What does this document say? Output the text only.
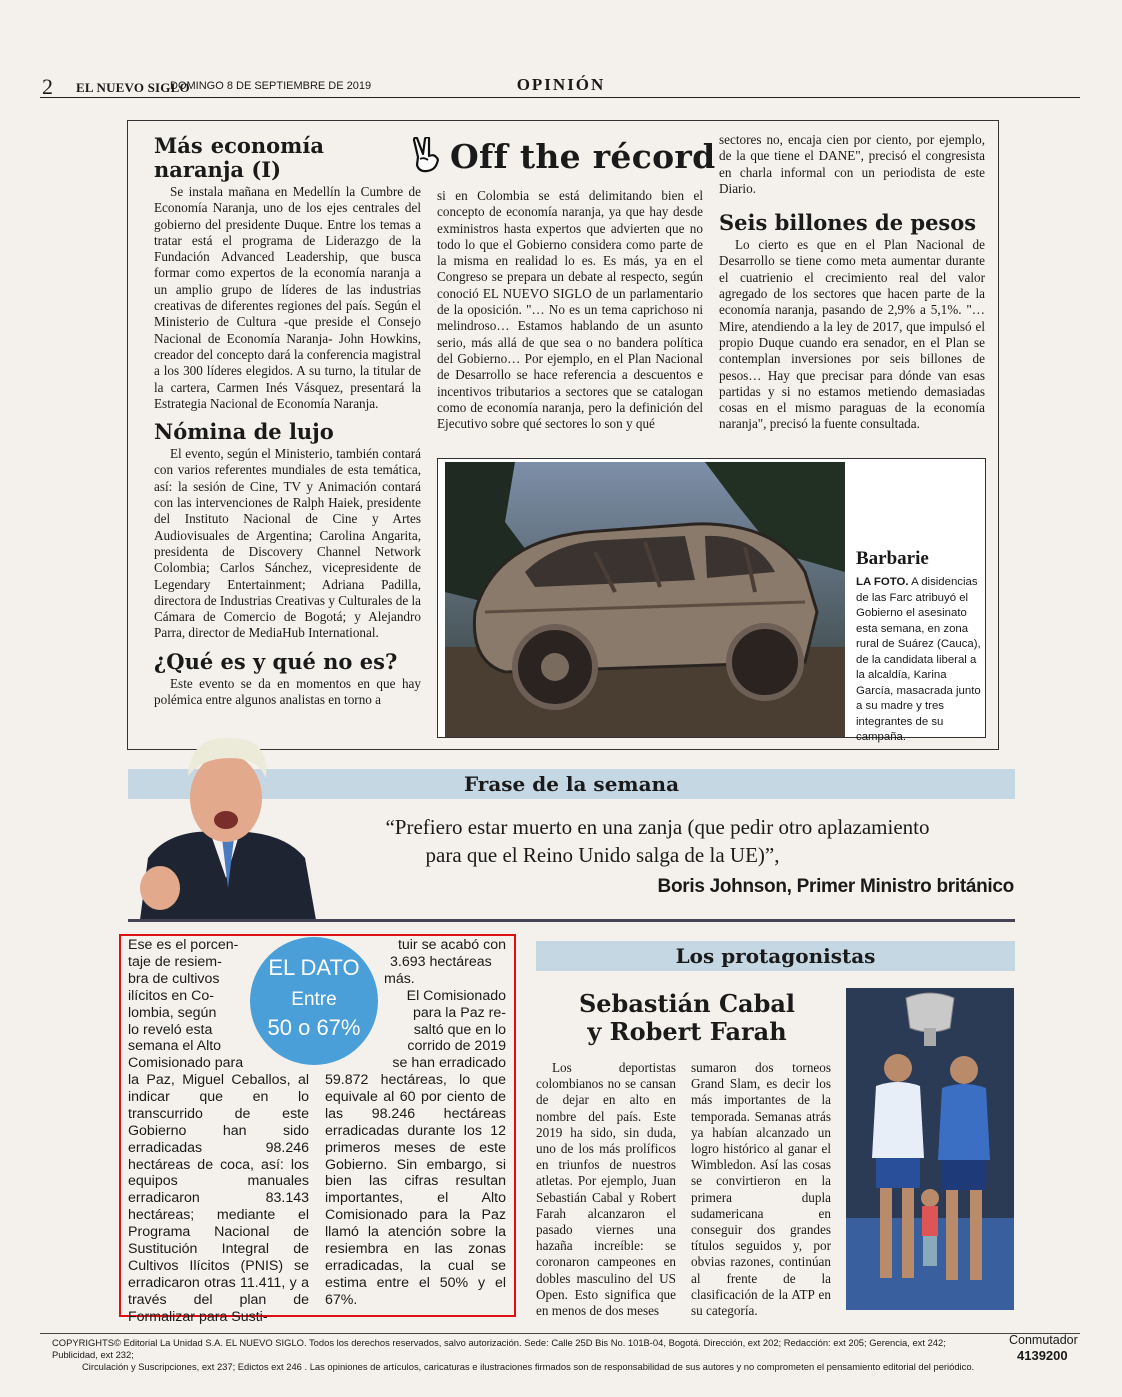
2 EL NUEVO SIGLO
DOMINGO 8 DE SEPTIEMBRE DE 2019	OPINIÓN
Off the récord
Más economía naranja (I)

Se instala mañana en Medellín la Cumbre de Economía Naranja, uno de los ejes centrales del gobierno del presidente Duque. Entre los temas a tratar está el programa de Liderazgo de la Fundación Advanced Leadership, que busca formar como expertos de la economía naranja a un amplio grupo de líderes de las industrias creativas de diferentes regiones del país. Según el Ministerio de Cultura -que preside el Consejo Nacional de Economía Naranja- John Howkins, creador del concepto dará la conferencia magistral a los 300 líderes elegidos. A su turno, la titular de la cartera, Carmen Inés Vásquez, presentará la Estrategia Nacional de Economía Naranja.

Nómina de lujo

El evento, según el Ministerio, también contará con varios referentes mundiales de esta temática, así: la sesión de Cine, TV y Animación contará con las intervenciones de Ralph Haiek, presidente del Instituto Nacional de Cine y Artes Audiovisuales de Argentina; Carolina Angarita, presidenta de Discovery Channel Network Colombia; Carlos Sánchez, vicepresidente de Legendary Entertainment; Adriana Padilla, directora de Industrias Creativas y Culturales de la Cámara de Comercio de Bogotá; y Alejandro Parra, director de MediaHub International.

¿Qué es y qué no es?

Este evento se da en momentos en que hay polémica entre algunos analistas en torno a

si en Colombia se está delimitando bien el concepto de economía naranja, ya que hay desde exministros hasta expertos que advierten que no todo lo que el Gobierno considera como parte de la misma en realidad lo es. Es más, ya en el Congreso se prepara un debate al respecto, según conoció EL NUEVO SIGLO de un parlamentario de la oposición. "… No es un tema caprichoso ni melindroso… Estamos hablando de un asunto serio, más allá de que sea o no bandera política del Gobierno… Por ejemplo, en el Plan Nacional de Desarrollo se hace referencia a descuentos e incentivos tributarios a sectores que se catalogan como de economía naranja, pero la definición del Ejecutivo sobre qué sectores lo son y qué

sectores no, encaja cien por ciento, por ejemplo, de la que tiene el DANE", precisó el congresista en charla informal con un periodista de este Diario.

Seis billones de pesos

Lo cierto es que en el Plan Nacional de Desarrollo se tiene como meta aumentar durante el cuatrienio el crecimiento real del valor agregado de los sectores que hacen parte de la economía naranja, pasando de 2,9% a 5,1%. "… Mire, atendiendo a la ley de 2017, que impulsó el propio Duque cuando era senador, en el Plan se contemplan inversiones por seis billones de pesos… Hay que precisar para dónde van esas partidas y si no estamos metiendo demasiadas cosas en el mismo paraguas de la economía naranja", precisó la fuente consultada.

Barbarie
LA FOTO. A disidencias de las Farc atribuyó el Gobierno el asesinato esta semana, en zona rural de Suárez (Cauca), de la candidata liberal a la alcaldía, Karina García, masacrada junto a su madre y tres integrantes de su campaña.
Frase de la semana
“Prefiero estar muerto en una zanja (que pedir otro aplazamiento
para que el Reino Unido salga de la UE)”,
Boris Johnson, Primer Ministro británico
EL DATO
Entre
50 o 67%
Ese es el porcen-
taje de resiem-
bra de cultivos
ilícitos en Co-
lombia, según
lo reveló esta
semana el Alto
Comisionado para
la Paz, Miguel Ceballos, al indicar que en lo transcurrido de este Gobierno han sido erradicadas 98.246 hectáreas de coca, así: los equipos manuales erradicaron 83.143 hectáreas; mediante el Programa Nacional de Sustitución Integral de Cultivos Ilícitos (PNIS) se erradicaron otras 11.411, y a través del plan de Formalizar para Susti-
tuir se acabó con
3.693 hectáreas
más.
El Comisionado
para la Paz re-
saltó que en lo
corrido de 2019
se han erradicado
59.872 hectáreas, lo que equivale al 60 por ciento de las 98.246 hectáreas erradicadas durante los 12 primeros meses de este Gobierno. Sin embargo, si bien las cifras resultan importantes, el Alto Comisionado para la Paz llamó la atención sobre la resiembra en las zonas erradicadas, la cual se estima entre el 50% y el 67%.
Los protagonistas
Sebastián Cabal
y Robert Farah

Los deportistas colombianos no se cansan de dejar en alto en nombre del país. Este 2019 ha sido, sin duda, uno de los más prolíficos en triunfos de nuestros atletas. Por ejemplo, Juan Sebastián Cabal y Robert Farah alcanzaron el pasado viernes una hazaña increíble: se coronaron campeones en dobles masculino del US Open. Esto significa que en menos de dos meses

sumaron dos torneos Grand Slam, es decir los más importantes de la temporada. Semanas atrás ya habían alcanzado un logro histórico al ganar el Wimbledon. Así las cosas se convirtieron en la primera dupla sudamericana en conseguir dos grandes títulos seguidos y, por obvias razones, continúan al frente de la clasificación de la ATP en su categoría.

COPYRIGHTS© Editorial La Unidad S.A. EL NUEVO SIGLO. Todos los derechos reservados, salvo autorización. Sede: Calle 25D Bis No. 101B-04, Bogotá. Dirección, ext 202; Redacción: ext 205; Gerencia, ext 242; Publicidad, ext 232;
Circulación y Suscripciones, ext 237; Edictos ext 246 . Las opiniones de artículos, caricaturas e ilustraciones firmados son de responsabilidad de sus autores y no comprometen el pensamiento editorial del periódico.
Conmutador
4139200
